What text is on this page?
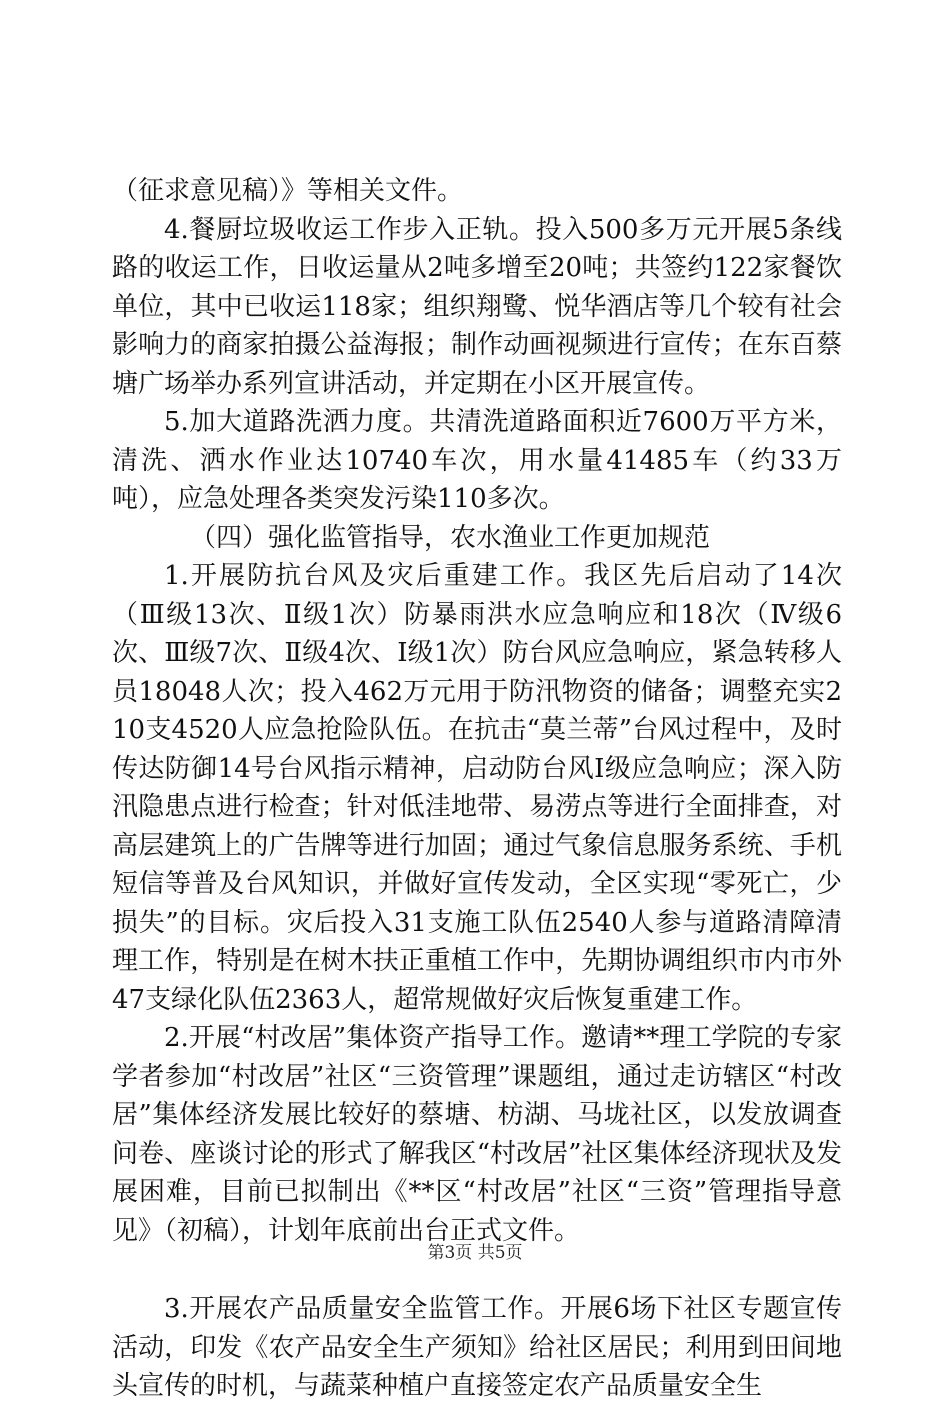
（征求意见稿）》等相关文件。

4.餐厨垃圾收运工作步入正轨。投入500多万元开展5条线路的收运工作，日收运量从2吨多增至20吨；共签约122家餐饮单位，其中已收运118家；组织翔鹭、悦华酒店等几个较有社会影响力的商家拍摄公益海报；制作动画视频进行宣传；在东百蔡塘广场举办系列宣讲活动，并定期在小区开展宣传。

5.加大道路洗洒力度。共清洗道路面积近7600万平方米，清洗、洒水作业达10740车次，用水量41485车（约33万吨），应急处理各类突发污染110多次。

（四）强化监管指导，农水渔业工作更加规范

1.开展防抗台风及灾后重建工作。我区先后启动了14次（Ⅲ级13次、Ⅱ级1次）防暴雨洪水应急响应和18次（Ⅳ级6次、Ⅲ级7次、Ⅱ级4次、Ⅰ级1次）防台风应急响应，紧急转移人员18048人次；投入462万元用于防汛物资的储备；调整充实210支4520人应急抢险队伍。在抗击“莫兰蒂”台风过程中，及时传达防御14号台风指示精神，启动防台风Ⅰ级应急响应；深入防汛隐患点进行检查；针对低洼地带、易涝点等进行全面排查，对高层建筑上的广告牌等进行加固；通过气象信息服务系统、手机短信等普及台风知识，并做好宣传发动，全区实现“零死亡，少损失”的目标。灾后投入31支施工队伍2540人参与道路清障清理工作，特别是在树木扶正重植工作中，先期协调组织市内市外47支绿化队伍2363人，超常规做好灾后恢复重建工作。

2.开展“村改居”集体资产指导工作。邀请**理工学院的专家学者参加“村改居”社区“三资管理”课题组，通过走访辖区“村改居”集体经济发展比较好的蔡塘、枋湖、马垅社区，以发放调查问卷、座谈讨论的形式了解我区“村改居”社区集体经济现状及发展困难，目前已拟制出《**区“村改居”社区“三资”管理指导意见》（初稿），计划年底前出台正式文件。

3.开展农产品质量安全监管工作。开展6场下社区专题宣传活动，印发《农产品安全生产须知》给社区居民；利用到田间地头宣传的时机，与蔬菜种植户直接签定农产品质量安全生

第3页 共5页
